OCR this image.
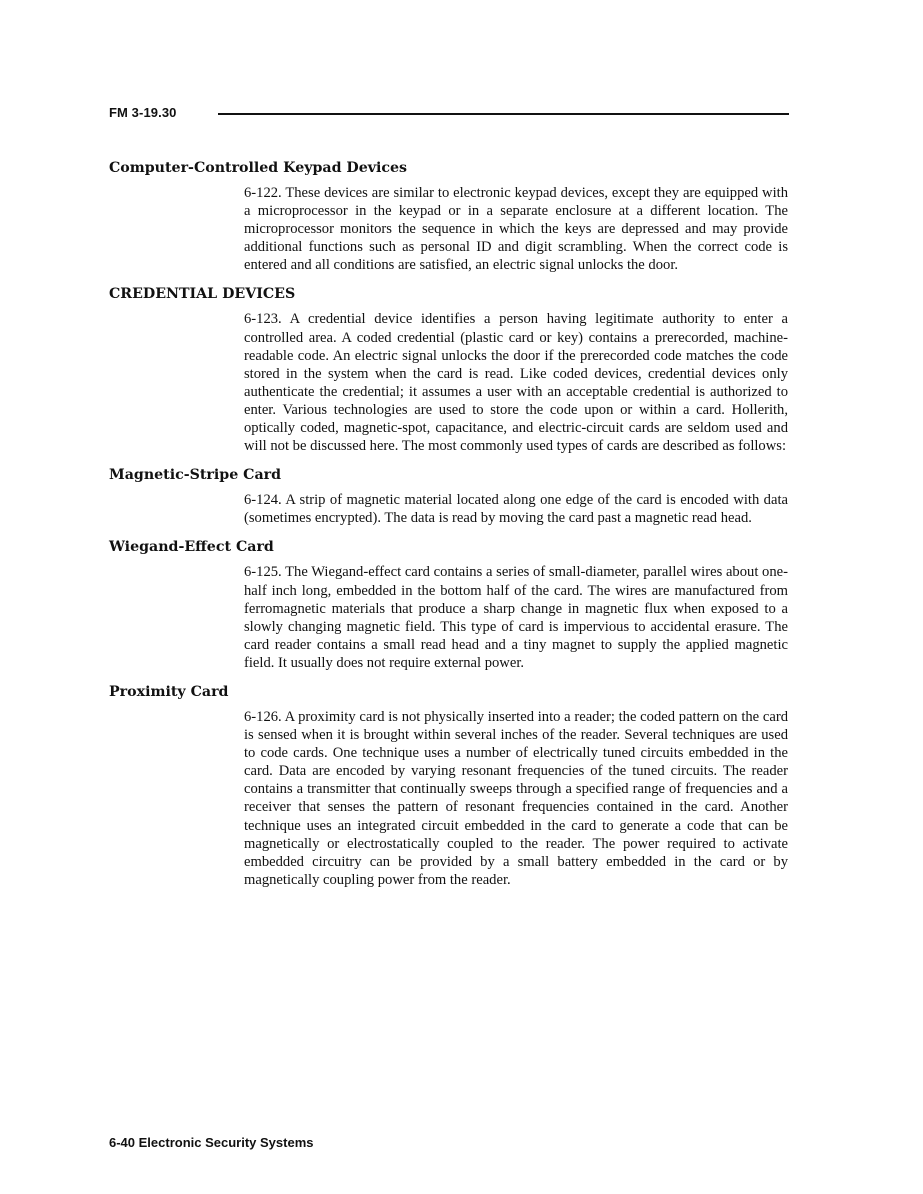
FM 3-19.30
Computer-Controlled Keypad Devices

6-122. These devices are similar to electronic keypad devices, except they are equipped with a microprocessor in the keypad or in a separate enclosure at a different location. The microprocessor monitors the sequence in which the keys are depressed and may provide additional functions such as personal ID and digit scrambling. When the correct code is entered and all conditions are satisfied, an electric signal unlocks the door.

CREDENTIAL DEVICES

6-123. A credential device identifies a person having legitimate authority to enter a controlled area. A coded credential (plastic card or key) contains a prerecorded, machine-readable code. An electric signal unlocks the door if the prerecorded code matches the code stored in the system when the card is read. Like coded devices, credential devices only authenticate the credential; it assumes a user with an acceptable credential is authorized to enter. Various technologies are used to store the code upon or within a card. Hollerith, optically coded, magnetic-spot, capacitance, and electric-circuit cards are seldom used and will not be discussed here. The most commonly used types of cards are described as follows:

Magnetic-Stripe Card

6-124. A strip of magnetic material located along one edge of the card is encoded with data (sometimes encrypted). The data is read by moving the card past a magnetic read head.

Wiegand-Effect Card

6-125. The Wiegand-effect card contains a series of small-diameter, parallel wires about one-half inch long, embedded in the bottom half of the card. The wires are manufactured from ferromagnetic materials that produce a sharp change in magnetic flux when exposed to a slowly changing magnetic field. This type of card is impervious to accidental erasure. The card reader contains a small read head and a tiny magnet to supply the applied magnetic field. It usually does not require external power.

Proximity Card

6-126. A proximity card is not physically inserted into a reader; the coded pattern on the card is sensed when it is brought within several inches of the reader. Several techniques are used to code cards. One technique uses a number of electrically tuned circuits embedded in the card. Data are encoded by varying resonant frequencies of the tuned circuits. The reader contains a transmitter that continually sweeps through a specified range of frequencies and a receiver that senses the pattern of resonant frequencies contained in the card. Another technique uses an integrated circuit embedded in the card to generate a code that can be magnetically or electrostatically coupled to the reader. The power required to activate embedded circuitry can be provided by a small battery embedded in the card or by magnetically coupling power from the reader.

6-40 Electronic Security Systems
